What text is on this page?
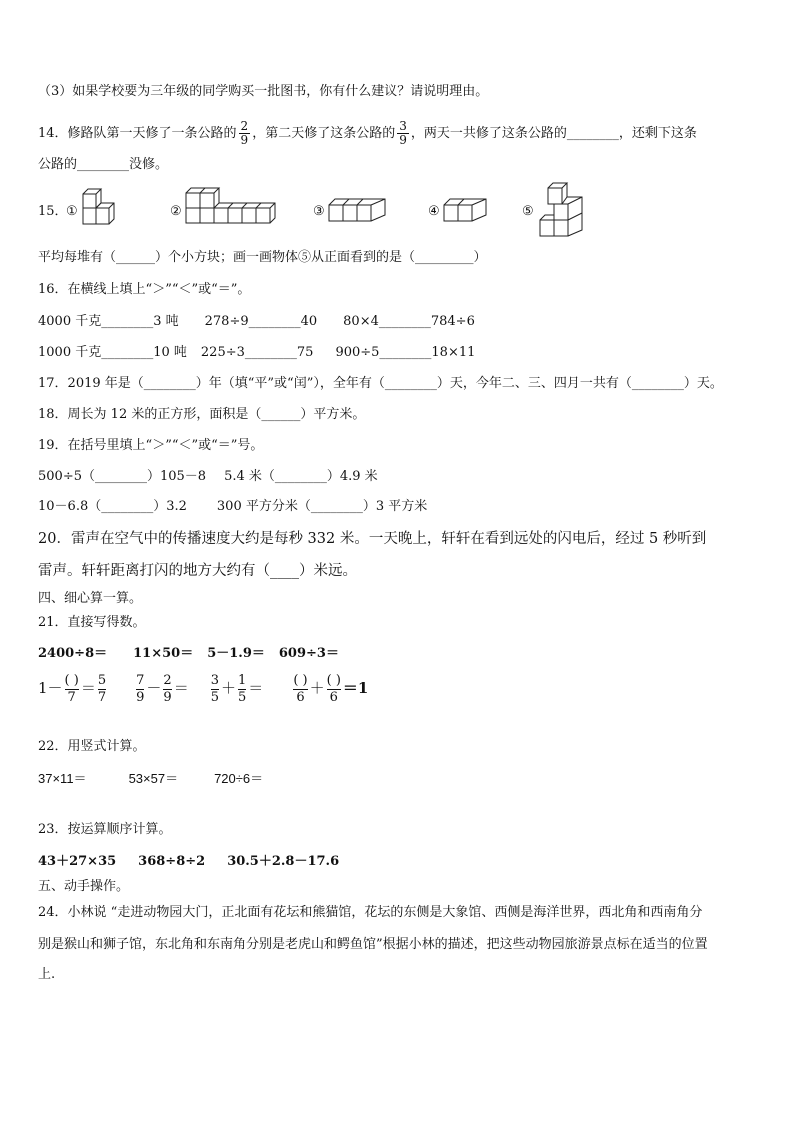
（3）如果学校要为三年级的同学购买一批图书，你有什么建议？请说明理由。
14．修路队第一天修了一条公路的 $\frac{2}{9}$ ，第二天修了这条公路的 $\frac{3}{9}$ ，两天一共修了这条公路的________，还剩下这条
公路的________没修。
15．
①	②	③	④	⑤
平均每堆有（______）个小方块；画一画物体⑤从正面看到的是（_________）
16．在横线上填上“＞”“＜”或“＝”。
4000 千克________3 吨 278÷9________40 80×4________784÷6
1000 千克________10 吨 225÷3________75 900÷5________18×11
17．2019 年是（________）年（填“平”或“闰”），全年有（________）天，今年二、三、四月一共有（________）天。
18．周长为 12 米的正方形，面积是（______）平方米。
19．在括号里填上“＞”“＜”或“＝”号。
500÷5（________）105－8 5.4 米（________）4.9 米
10－6.8（________）3.2 300 平方分米（________）3 平方米
20．雷声在空气中的传播速度大约是每秒 332 米。一天晚上，轩轩在看到远处的闪电后，经过 5 秒听到
雷声。轩轩距离打闪的地方大约有（____）米远。
四、细心算一算。
21．直接写得数。
2400÷8＝ 11×50＝ 5－1.9＝ 609÷3＝
1－ ( )
$7 = \frac{5}{7} \frac{7}{9} - \frac{2}{9} = \frac{3}{5} + \frac{1}{5}$ ＝ ( )
6 ＋ ( )
6 ＝1
22．用竖式计算。
37×11＝	53×57＝	720÷6＝
23．按运算顺序计算。
43＋27×35 368÷8÷2 30.5＋2.8－17.6
五、动手操作。
24．小林说 “走进动物园大门，正北面有花坛和熊猫馆，花坛的东侧是大象馆、西侧是海洋世界，西北角和西南角分
别是猴山和狮子馆，东北角和东南角分别是老虎山和鳄鱼馆”根据小林的描述，把这些动物园旅游景点标在适当的位置
上.
